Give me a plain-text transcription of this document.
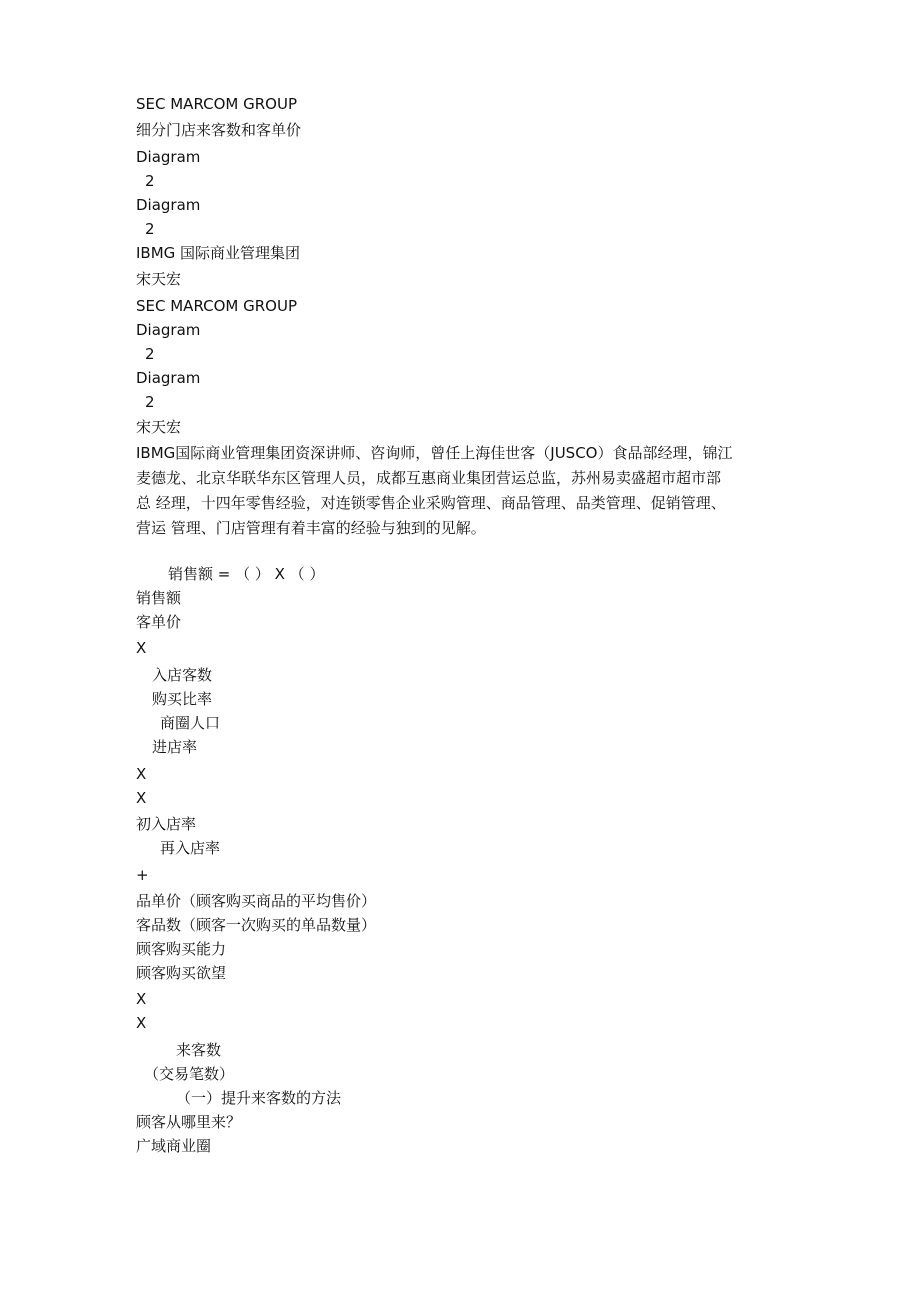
SEC MARCOM GROUP
细分门店来客数和客单价
Diagram
2
Diagram
2
IBMG 国际商业管理集团
宋天宏
SEC MARCOM GROUP
Diagram
2
Diagram
2
宋天宏
IBMG国际商业管理集团资深讲师、咨询师，曾任上海佳世客（JUSCO）食品部经理，锦江
麦德龙、北京华联华东区管理人员，成都互惠商业集团营运总监，苏州易卖盛超市超市部
总 经理，十四年零售经验，对连锁零售企业采购管理、商品管理、品类管理、促销管理、
营运 管理、门店管理有着丰富的经验与独到的见解。
销售额 = （ ） X （ ）
销售额
客单价
X
入店客数
购买比率
商圈人口
进店率
X
X
初入店率
再入店率
+
品单价（顾客购买商品的平均售价）
客品数（顾客一次购买的单品数量）
顾客购买能力
顾客购买欲望
X
X
来客数
（交易笔数）
（一）提升来客数的方法
顾客从哪里来？
广域商业圈
